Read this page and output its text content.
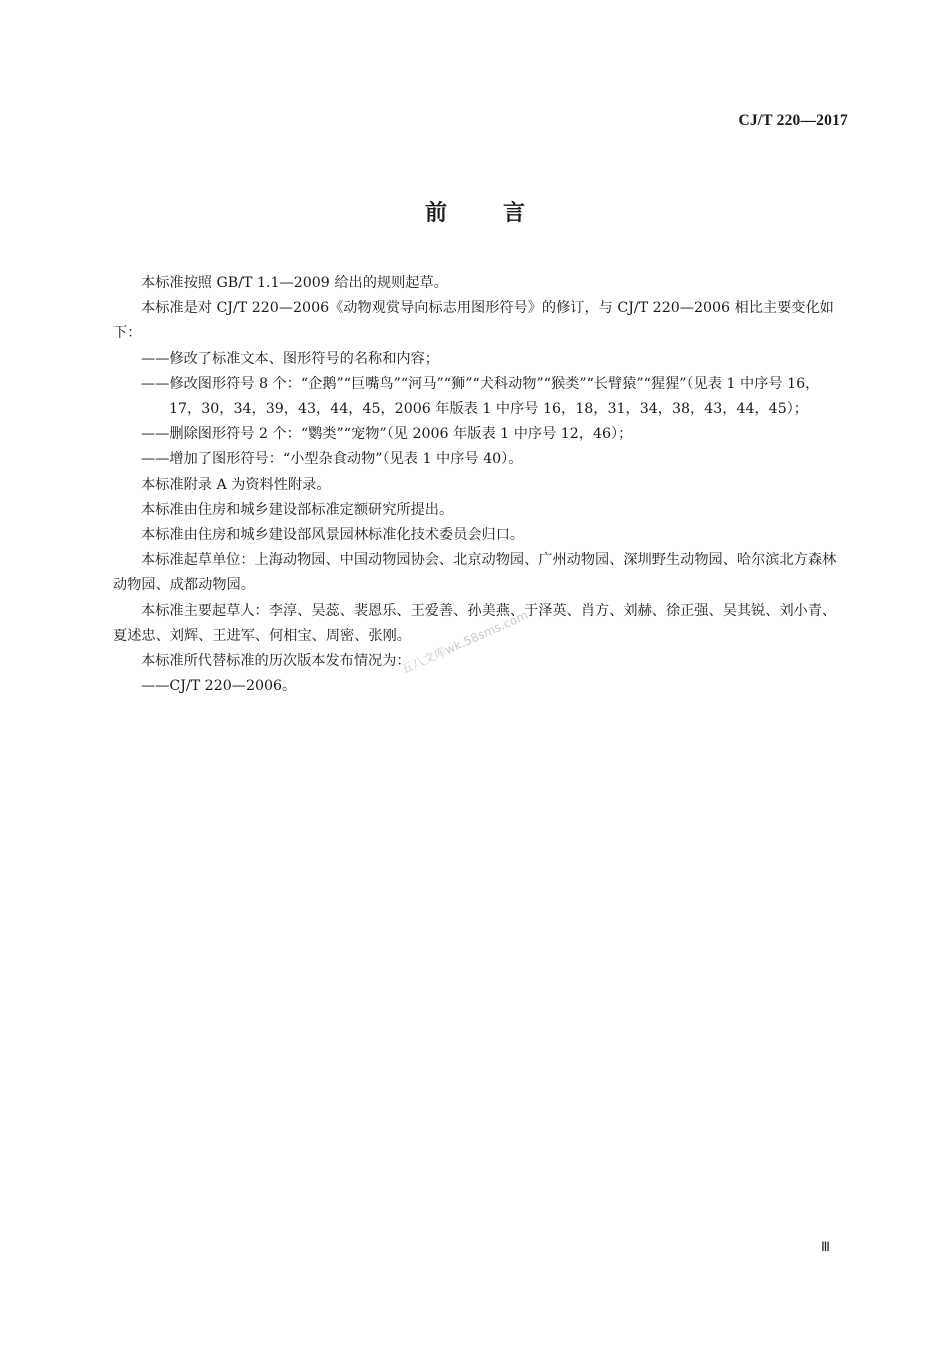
CJ/T 220—2017
前言
本标准按照 GB/T 1.1—2009 给出的规则起草。
本标准是对 CJ/T 220—2006《动物观赏导向标志用图形符号》的修订，与 CJ/T 220—2006 相比主要变化如下：
——修改了标准文本、图形符号的名称和内容；
——修改图形符号 8 个：“企鹅”“巨嘴鸟”“河马”“狮”“犬科动物”“猴类”“长臂猿”“猩猩”（见表 1 中序号 16，17，30，34，39，43，44，45，2006 年版表 1 中序号 16，18，31，34，38，43，44，45）；
——删除图形符号 2 个：“鹦类”“宠物”（见 2006 年版表 1 中序号 12，46）；
——增加了图形符号：“小型杂食动物”（见表 1 中序号 40）。
本标准附录 A 为资料性附录。
本标准由住房和城乡建设部标准定额研究所提出。
本标准由住房和城乡建设部风景园林标准化技术委员会归口。
本标准起草单位：上海动物园、中国动物园协会、北京动物园、广州动物园、深圳野生动物园、哈尔滨北方森林动物园、成都动物园。
本标准主要起草人：李淳、吴蕊、裴恩乐、王爱善、孙美燕、于泽英、肖方、刘赫、徐正强、吴其锐、刘小青、夏述忠、刘辉、王进军、何相宝、周密、张刚。
本标准所代替标准的历次版本发布情况为：
——CJ/T 220—2006。
五八文库wk.58sms.com
Ⅲ
